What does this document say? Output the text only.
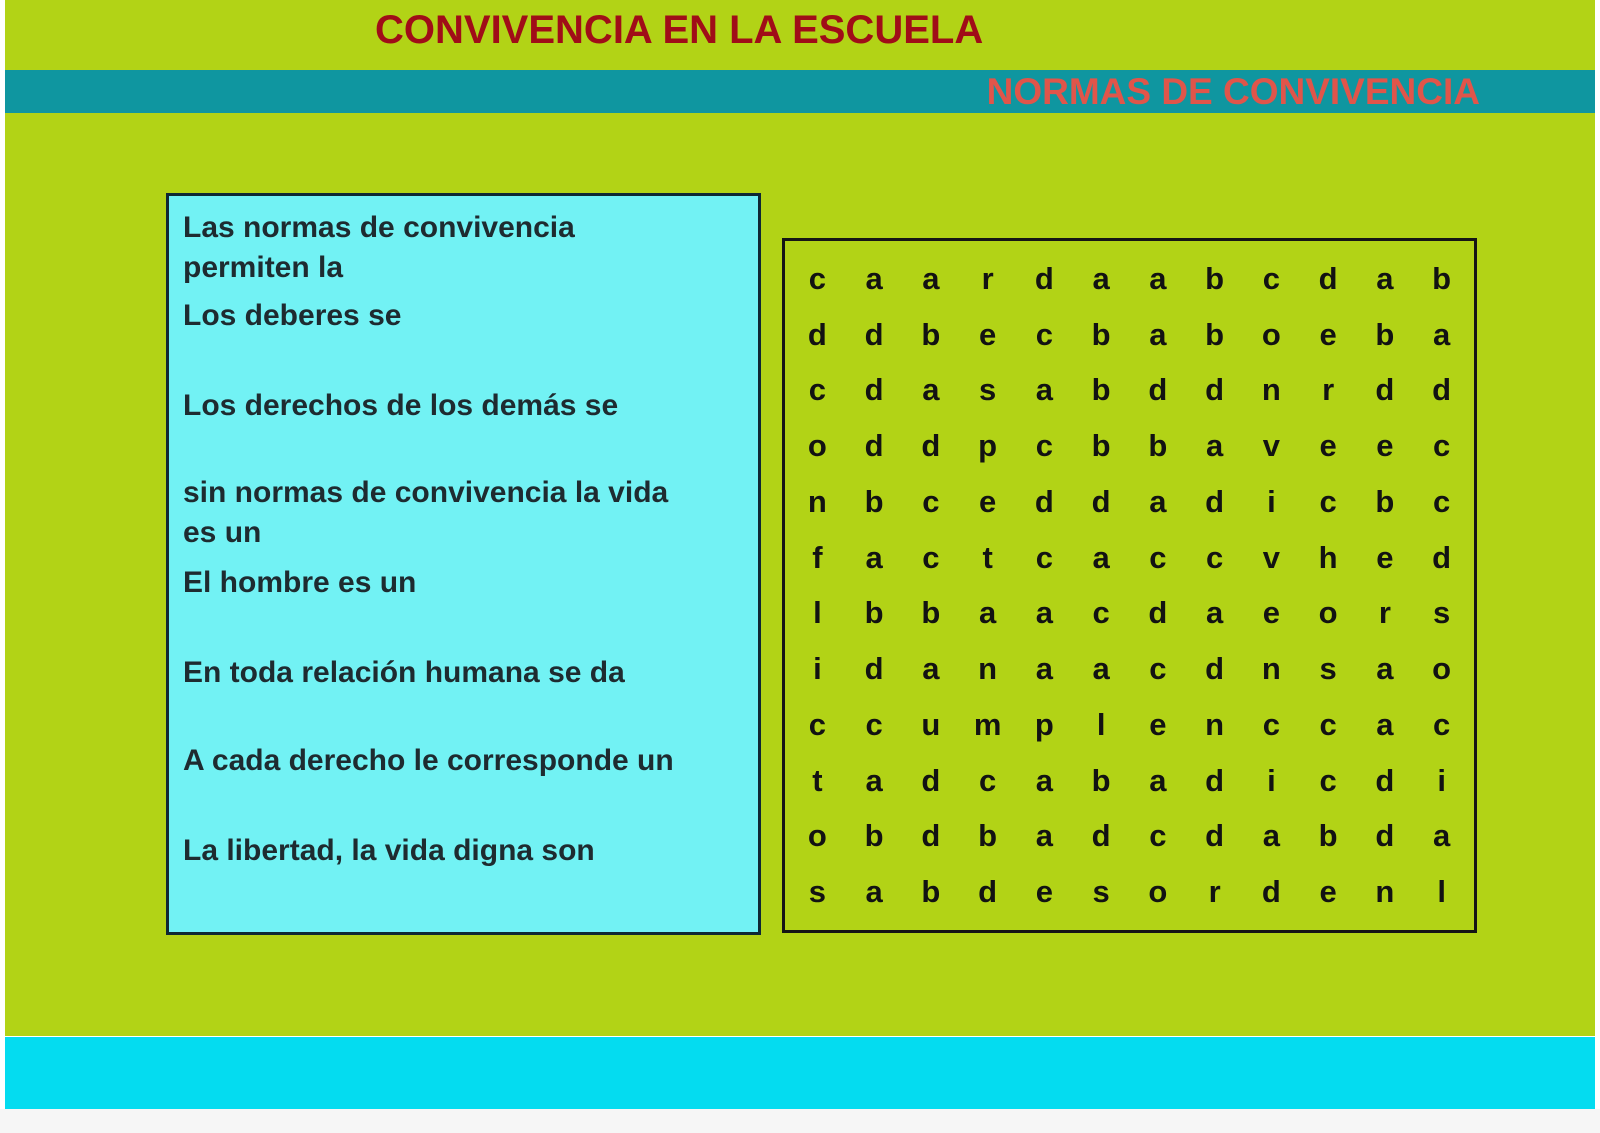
CONVIVENCIA EN LA ESCUELA
NORMAS DE CONVIVENCIA
Las normas de convivencia
permiten la
Los deberes se
Los derechos de los demás se
sin normas de convivencia la vida
es un
El hombre es un
En toda relación humana se da
A cada derecho le corresponde un
La libertad, la vida digna son
c	a	a	r	d	a	a	b	c	d	a	b
d	d	b	e	c	b	a	b	o	e	b	a
c	d	a	s	a	b	d	d	n	r	d	d
o	d	d	p	c	b	b	a	v	e	e	c
n	b	c	e	d	d	a	d	i	c	b	c
f	a	c	t	c	a	c	c	v	h	e	d
l	b	b	a	a	c	d	a	e	o	r	s
i	d	a	n	a	a	c	d	n	s	a	o
c	c	u	m	p	l	e	n	c	c	a	c
t	a	d	c	a	b	a	d	i	c	d	i
o	b	d	b	a	d	c	d	a	b	d	a
s	a	b	d	e	s	o	r	d	e	n	l
